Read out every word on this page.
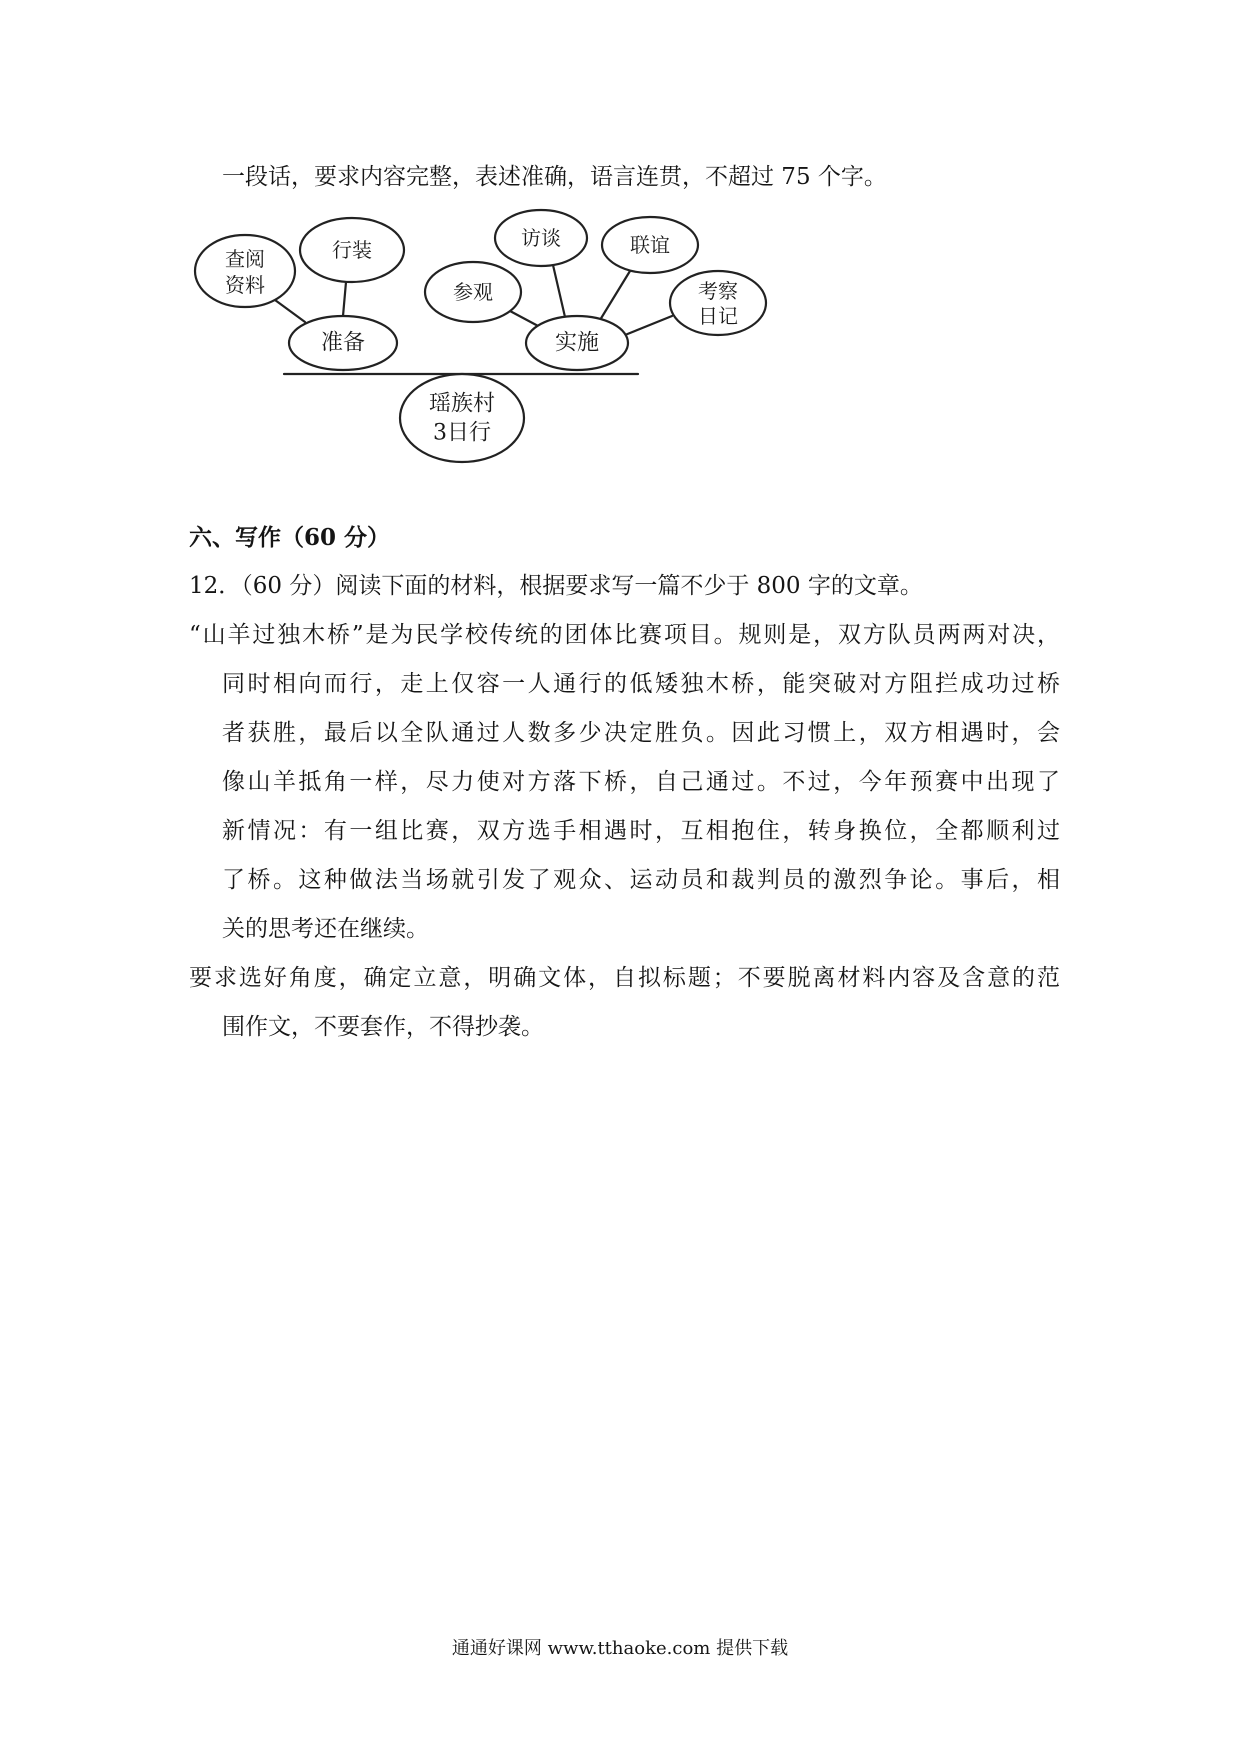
一段话，要求内容完整，表述准确，语言连贯，不超过 75 个字。
查阅
资料
行装
准备
参观
访谈	联谊
考察
日记
实施
瑶族村
3日行
六、写作（60 分）
12．（60 分）阅读下面的材料，根据要求写一篇不少于 800 字的文章。
“山羊过独木桥”是为民学校传统的团体比赛项目。规则是，双方队员两两对决，
同时相向而行，走上仅容一人通行的低矮独木桥，能突破对方阻拦成功过桥
者获胜，最后以全队通过人数多少决定胜负。因此习惯上，双方相遇时，会
像山羊抵角一样，尽力使对方落下桥，自己通过。不过，今年预赛中出现了
新情况：有一组比赛，双方选手相遇时，互相抱住，转身换位，全都顺利过
了桥。这种做法当场就引发了观众、运动员和裁判员的激烈争论。事后，相
关的思考还在继续。
要求选好角度，确定立意，明确文体，自拟标题；不要脱离材料内容及含意的范
围作文，不要套作，不得抄袭。
通通好课网 www.tthaoke.com 提供下载
